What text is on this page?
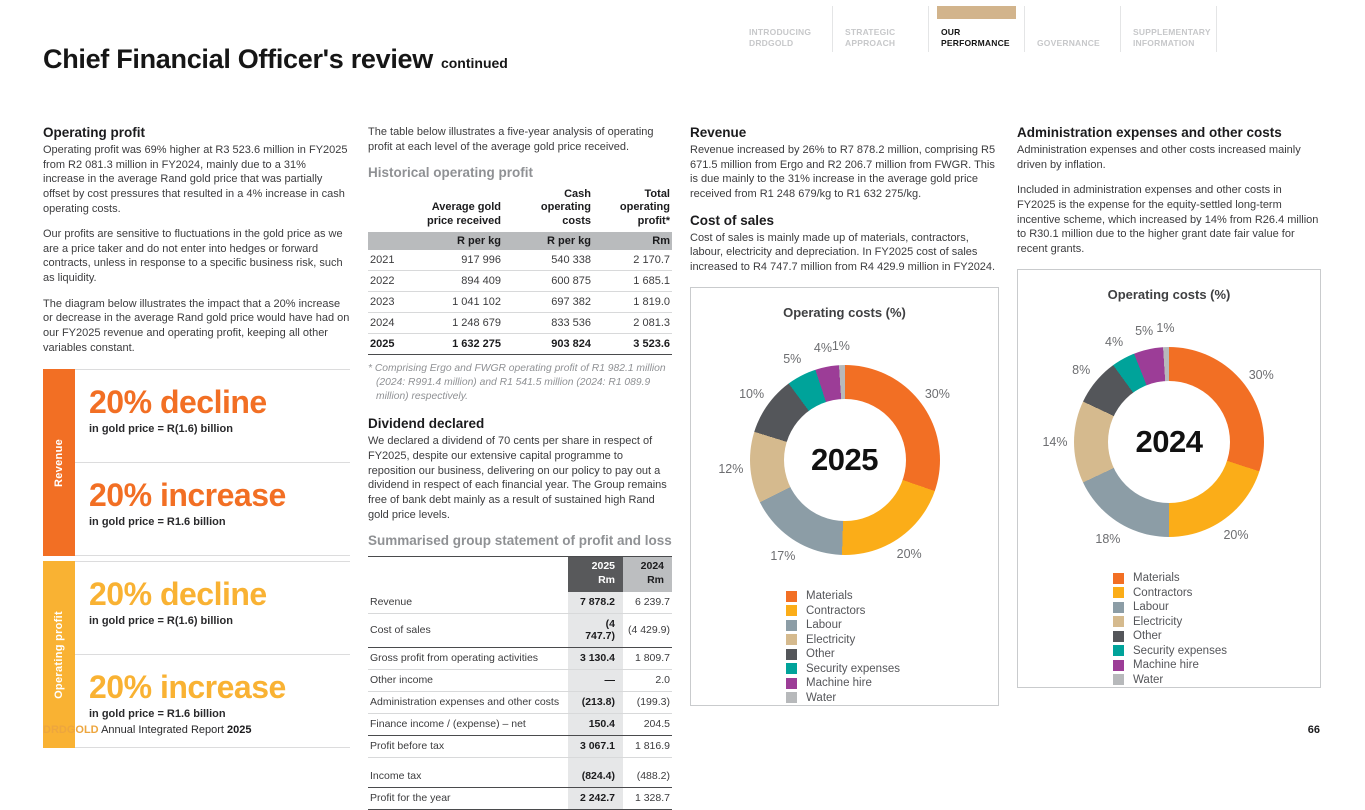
INTRODUCING DRDGOLD
STRATEGIC APPROACH
OUR PERFORMANCE	GOVERNANCE
SUPPLEMENTARY INFORMATION
Chief Financial Officer's review continued
Operating profit

Operating profit was 69% higher at R3 523.6 million in FY2025 from R2 081.3 million in FY2024, mainly due to a 31% increase in the average Rand gold price that was partially offset by cost pressures that resulted in a 4% increase in cash operating costs.

Our profits are sensitive to fluctuations in the gold price as we are a price taker and do not enter into hedges or forward contracts, unless in response to a specific business risk, such as liquidity.

The diagram below illustrates the impact that a 20% increase or decrease in the average Rand gold price would have had on our FY2025 revenue and operating profit, keeping all other variables constant.

Revenue
20% decline
in gold price = R(1.6) billion
20% increase
in gold price = R1.6 billion
Operating profit
20% decline
in gold price = R(1.6) billion
20% increase
in gold price = R1.6 billion

The table below illustrates a five-year analysis of operating profit at each level of the average gold price received.

Historical operating profit
	Average gold price received	Cash operating costs	Total operating profit*
	R per kg	R per kg	Rm
2021	917 996	540 338	2 170.7
2022	894 409	600 875	1 685.1
2023	1 041 102	697 382	1 819.0
2024	1 248 679	833 536	2 081.3
2025	1 632 275	903 824	3 523.6

* Comprising Ergo and FWGR operating profit of R1 982.1 million (2024: R991.4 million) and R1 541.5 million (2024: R1 089.9 million) respectively.

Dividend declared

We declared a dividend of 70 cents per share in respect of FY2025, despite our extensive capital programme to reposition our business, delivering on our policy to pay out a dividend in respect of each financial year. The Group remains free of bank debt mainly as a result of sustained high Rand gold price levels.

Summarised group statement of profit and loss
	2025	2024
	Rm	Rm
Revenue	7 878.2	6 239.7
Cost of sales	(4 747.7)	(4 429.9)
Gross profit from operating activities	3 130.4	1 809.7
Other income	—	2.0
Administration expenses and other costs	(213.8)	(199.3)
Finance income / (expense) – net	150.4	204.5
Profit before tax	3 067.1	1 816.9

Income tax	(824.4)	(488.2)
Profit for the year	2 242.7	1 328.7
Revenue

Revenue increased by 26% to R7 878.2 million, comprising R5 671.5 million from Ergo and R2 206.7 million from FWGR. This is due mainly to the 31% increase in the average gold price received from R1 248 679/kg to R1 632 275/kg.

Cost of sales

Cost of sales is mainly made up of materials, contractors, labour, electricity and depreciation. In FY2025 cost of sales increased to R4 747.7 million from R4 429.9 million in FY2024.

Operating costs (%)
2025
30%
20%
17%
12%
10%
5%
4% 1%
Materials
Contractors
Labour
Electricity
Other
Security expenses
Machine hire
Water
Administration expenses and other costs

Administration expenses and other costs increased mainly driven by inflation.

Included in administration expenses and other costs in FY2025 is the expense for the equity-settled long-term incentive scheme, which increased by 14% from R26.4 million to R30.1 million due to the higher grant date fair value for recent grants.

Operating costs (%)
2024
30%
20%
18%
14%
8%
4%
5% 1%
Materials
Contractors
Labour
Electricity
Other
Security expenses
Machine hire
Water
DRDGOLD Annual Integrated Report 2025	66
